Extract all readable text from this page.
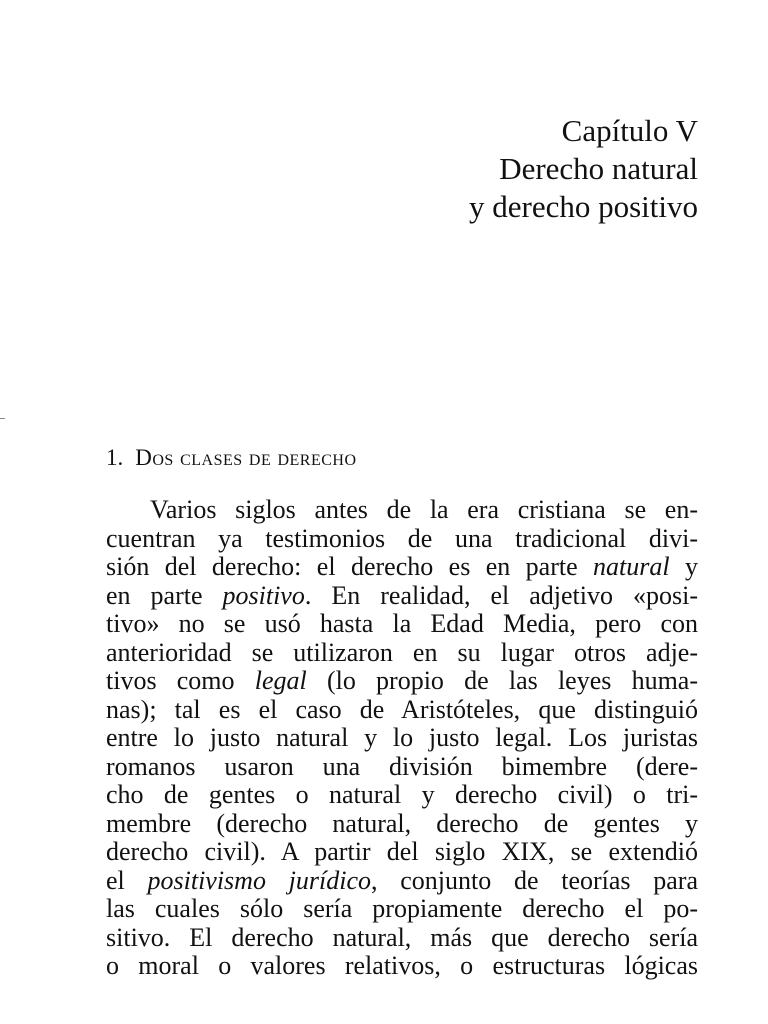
Capítulo V
Derecho natural
y derecho positivo
1. Dos clases de derecho
Varios siglos antes de la era cristiana se en-
cuentran ya testimonios de una tradicional divi-
sión del derecho: el derecho es en parte natural y
en parte positivo. En realidad, el adjetivo «posi-
tivo» no se usó hasta la Edad Media, pero con
anterioridad se utilizaron en su lugar otros adje-
tivos como legal (lo propio de las leyes huma-
nas); tal es el caso de Aristóteles, que distinguió
entre lo justo natural y lo justo legal. Los juristas
romanos usaron una división bimembre (dere-
cho de gentes o natural y derecho civil) o tri-
membre (derecho natural, derecho de gentes y
derecho civil). A partir del siglo XIX, se extendió
el positivismo jurídico, conjunto de teorías para
las cuales sólo sería propiamente derecho el po-
sitivo. El derecho natural, más que derecho sería
o moral o valores relativos, o estructuras lógicas
